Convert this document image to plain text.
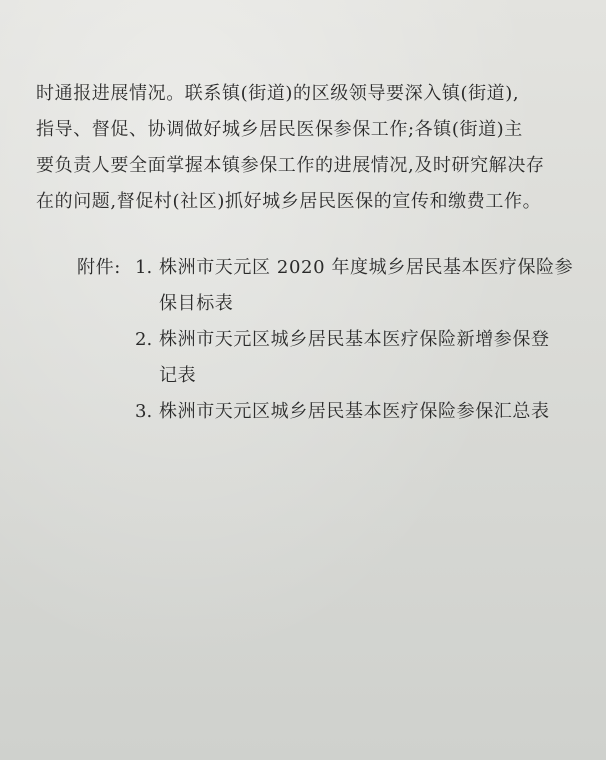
时通报进展情况。联系镇(街道)的区级领导要深入镇(街道),
指导、督促、协调做好城乡居民医保参保工作;各镇(街道)主
要负责人要全面掌握本镇参保工作的进展情况,及时研究解决存
在的问题,督促村(社区)抓好城乡居民医保的宣传和缴费工作。
附件: 1. 株洲市天元区 2020 年度城乡居民基本医疗保险参
保目标表
2. 株洲市天元区城乡居民基本医疗保险新增参保登
记表
3. 株洲市天元区城乡居民基本医疗保险参保汇总表
